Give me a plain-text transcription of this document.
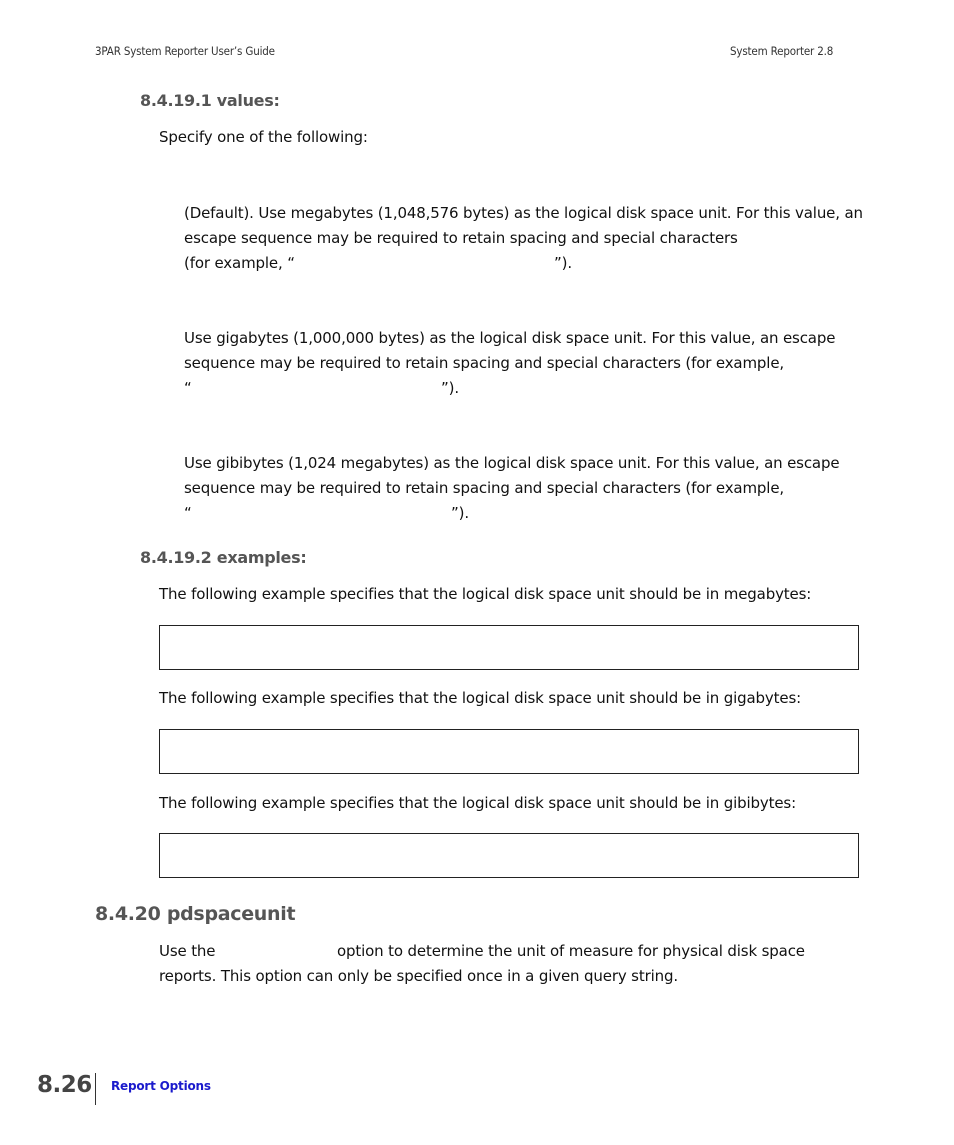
3PAR System Reporter User’s Guide	System Reporter 2.8
8.4.19.1 values:
Specify one of the following:
(Default). Use megabytes (1,048,576 bytes) as the logical disk space unit. For this value, an
escape sequence may be required to retain spacing and special characters
(for example, “	”).
Use gigabytes (1,000,000 bytes) as the logical disk space unit. For this value, an escape
sequence may be required to retain spacing and special characters (for example,
“	”).
Use gibibytes (1,024 megabytes) as the logical disk space unit. For this value, an escape
sequence may be required to retain spacing and special characters (for example,
“	”).
8.4.19.2 examples:
The following example specifies that the logical disk space unit should be in megabytes:
The following example specifies that the logical disk space unit should be in gigabytes:
The following example specifies that the logical disk space unit should be in gibibytes:
8.4.20 pdspaceunit
Use the	option to determine the unit of measure for physical disk space
reports. This option can only be specified once in a given query string.
8.26 Report Options
